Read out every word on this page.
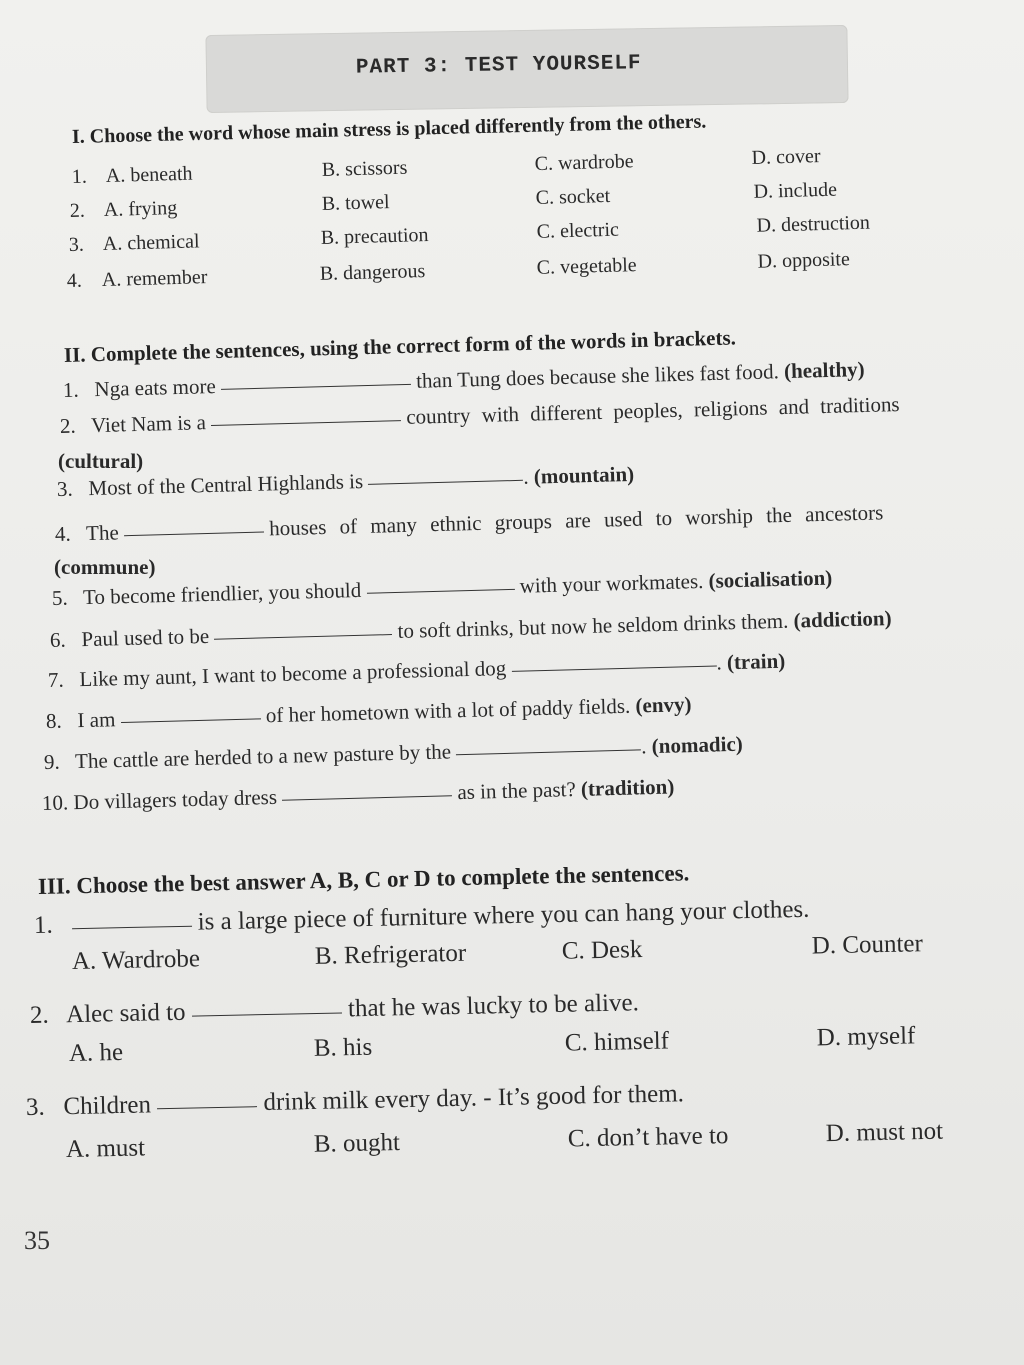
PART 3: TEST YOURSELF
I. Choose the word whose main stress is placed differently from the others.
1. A. beneath	B. scissors	C. wardrobe	D. cover
2. A. frying	B. towel	C. socket	D. include
3. A. chemical	B. precaution	C. electric	D. destruction
4. A. remember	B. dangerous	C. vegetable	D. opposite
II. Complete the sentences, using the correct form of the words in brackets.
1. Nga eats more	than Tung does because she likes fast food. (healthy)
2. Viet Nam is a	country with different peoples, religions and traditions
(cultural)
3. Most of the Central Highlands is	. (mountain)
4. The	houses of many ethnic groups are used to worship the ancestors
(commune)
5. To become friendlier, you should	with your workmates. (socialisation)
6. Paul used to be	to soft drinks, but now he seldom drinks them. (addiction)
7. Like my aunt, I want to become a professional dog	. (train)
8. I am	of her hometown with a lot of paddy fields. (envy)
9. The cattle are herded to a new pasture by the	. (nomadic)
10. Do villagers today dress	as in the past? (tradition)
III. Choose the best answer A, B, C or D to complete the sentences.
1.	is a large piece of furniture where you can hang your clothes.
A. Wardrobe	B. Refrigerator	C. Desk	D. Counter
2. Alec said to	that he was lucky to be alive.
A. he	B. his	C. himself	D. myself
3. Children	drink milk every day. - It’s good for them.
A. must	B. ought	C. don’t have to	D. must not
35
